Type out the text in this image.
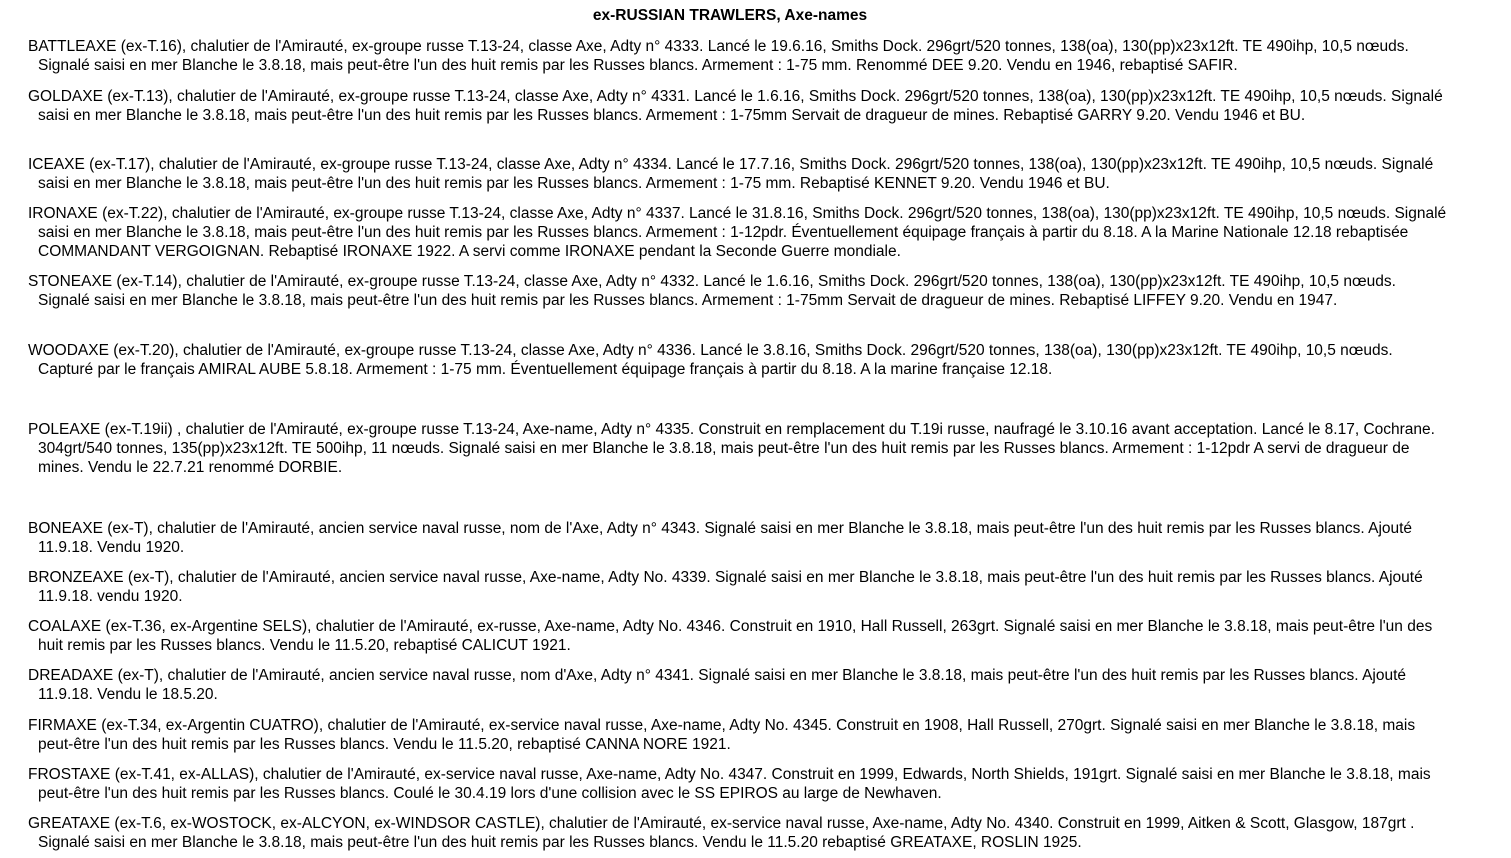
ex-RUSSIAN TRAWLERS, Axe-names

BATTLEAXE (ex-T.16), chalutier de l'Amirauté, ex-groupe russe T.13-24, classe Axe, Adty n° 4333. Lancé le 19.6.16, Smiths Dock. 296grt/520 tonnes, 138(oa), 130(pp)x23x12ft. TE 490ihp, 10,5 nœuds. Signalé saisi en mer Blanche le 3.8.18, mais peut-être l'un des huit remis par les Russes blancs. Armement : 1-75 mm. Renommé DEE 9.20. Vendu en 1946, rebaptisé SAFIR.

GOLDAXE (ex-T.13), chalutier de l'Amirauté, ex-groupe russe T.13-24, classe Axe, Adty n° 4331. Lancé le 1.6.16, Smiths Dock. 296grt/520 tonnes, 138(oa), 130(pp)x23x12ft. TE 490ihp, 10,5 nœuds. Signalé saisi en mer Blanche le 3.8.18, mais peut-être l'un des huit remis par les Russes blancs. Armement : 1-75mm Servait de dragueur de mines. Rebaptisé GARRY 9.20. Vendu 1946 et BU.

ICEAXE (ex-T.17), chalutier de l'Amirauté, ex-groupe russe T.13-24, classe Axe, Adty n° 4334. Lancé le 17.7.16, Smiths Dock. 296grt/520 tonnes, 138(oa), 130(pp)x23x12ft. TE 490ihp, 10,5 nœuds. Signalé saisi en mer Blanche le 3.8.18, mais peut-être l'un des huit remis par les Russes blancs. Armement : 1-75 mm. Rebaptisé KENNET 9.20. Vendu 1946 et BU.

IRONAXE (ex-T.22), chalutier de l'Amirauté, ex-groupe russe T.13-24, classe Axe, Adty n° 4337. Lancé le 31.8.16, Smiths Dock. 296grt/520 tonnes, 138(oa), 130(pp)x23x12ft. TE 490ihp, 10,5 nœuds. Signalé saisi en mer Blanche le 3.8.18, mais peut-être l'un des huit remis par les Russes blancs. Armement : 1-12pdr. Éventuellement équipage français à partir du 8.18. A la Marine Nationale 12.18 rebaptisée COMMANDANT VERGOIGNAN. Rebaptisé IRONAXE 1922. A servi comme IRONAXE pendant la Seconde Guerre mondiale.

STONEAXE (ex-T.14), chalutier de l'Amirauté, ex-groupe russe T.13-24, classe Axe, Adty n° 4332. Lancé le 1.6.16, Smiths Dock. 296grt/520 tonnes, 138(oa), 130(pp)x23x12ft. TE 490ihp, 10,5 nœuds. Signalé saisi en mer Blanche le 3.8.18, mais peut-être l'un des huit remis par les Russes blancs. Armement : 1-75mm Servait de dragueur de mines. Rebaptisé LIFFEY 9.20. Vendu en 1947.

WOODAXE (ex-T.20), chalutier de l'Amirauté, ex-groupe russe T.13-24, classe Axe, Adty n° 4336. Lancé le 3.8.16, Smiths Dock. 296grt/520 tonnes, 138(oa), 130(pp)x23x12ft. TE 490ihp, 10,5 nœuds. Capturé par le français AMIRAL AUBE 5.8.18. Armement : 1-75 mm. Éventuellement équipage français à partir du 8.18. A la marine française 12.18.

POLEAXE (ex-T.19ii) , chalutier de l'Amirauté, ex-groupe russe T.13-24, Axe-name, Adty n° 4335. Construit en remplacement du T.19i russe, naufragé le 3.10.16 avant acceptation. Lancé le 8.17, Cochrane. 304grt/540 tonnes, 135(pp)x23x12ft. TE 500ihp, 11 nœuds. Signalé saisi en mer Blanche le 3.8.18, mais peut-être l'un des huit remis par les Russes blancs. Armement : 1-12pdr A servi de dragueur de mines. Vendu le 22.7.21 renommé DORBIE.

BONEAXE (ex-T), chalutier de l'Amirauté, ancien service naval russe, nom de l'Axe, Adty n° 4343. Signalé saisi en mer Blanche le 3.8.18, mais peut-être l'un des huit remis par les Russes blancs. Ajouté 11.9.18. Vendu 1920.

BRONZEAXE (ex-T), chalutier de l'Amirauté, ancien service naval russe, Axe-name, Adty No. 4339. Signalé saisi en mer Blanche le 3.8.18, mais peut-être l'un des huit remis par les Russes blancs. Ajouté 11.9.18. vendu 1920.

COALAXE (ex-T.36, ex-Argentine SELS), chalutier de l'Amirauté, ex-russe, Axe-name, Adty No. 4346. Construit en 1910, Hall Russell, 263grt. Signalé saisi en mer Blanche le 3.8.18, mais peut-être l'un des huit remis par les Russes blancs. Vendu le 11.5.20, rebaptisé CALICUT 1921.

DREADAXE (ex-T), chalutier de l'Amirauté, ancien service naval russe, nom d'Axe, Adty n° 4341. Signalé saisi en mer Blanche le 3.8.18, mais peut-être l'un des huit remis par les Russes blancs. Ajouté 11.9.18. Vendu le 18.5.20.

FIRMAXE (ex-T.34, ex-Argentin CUATRO), chalutier de l'Amirauté, ex-service naval russe, Axe-name, Adty No. 4345. Construit en 1908, Hall Russell, 270grt. Signalé saisi en mer Blanche le 3.8.18, mais peut-être l'un des huit remis par les Russes blancs. Vendu le 11.5.20, rebaptisé CANNA NORE 1921.

FROSTAXE (ex-T.41, ex-ALLAS), chalutier de l'Amirauté, ex-service naval russe, Axe-name, Adty No. 4347. Construit en 1999, Edwards, North Shields, 191grt. Signalé saisi en mer Blanche le 3.8.18, mais peut-être l'un des huit remis par les Russes blancs. Coulé le 30.4.19 lors d'une collision avec le SS EPIROS au large de Newhaven.

GREATAXE (ex-T.6, ex-WOSTOCK, ex-ALCYON, ex-WINDSOR CASTLE), chalutier de l'Amirauté, ex-service naval russe, Axe-name, Adty No. 4340. Construit en 1999, Aitken & Scott, Glasgow, 187grt . Signalé saisi en mer Blanche le 3.8.18, mais peut-être l'un des huit remis par les Russes blancs. Vendu le 11.5.20 rebaptisé GREATAXE, ROSLIN 1925.
